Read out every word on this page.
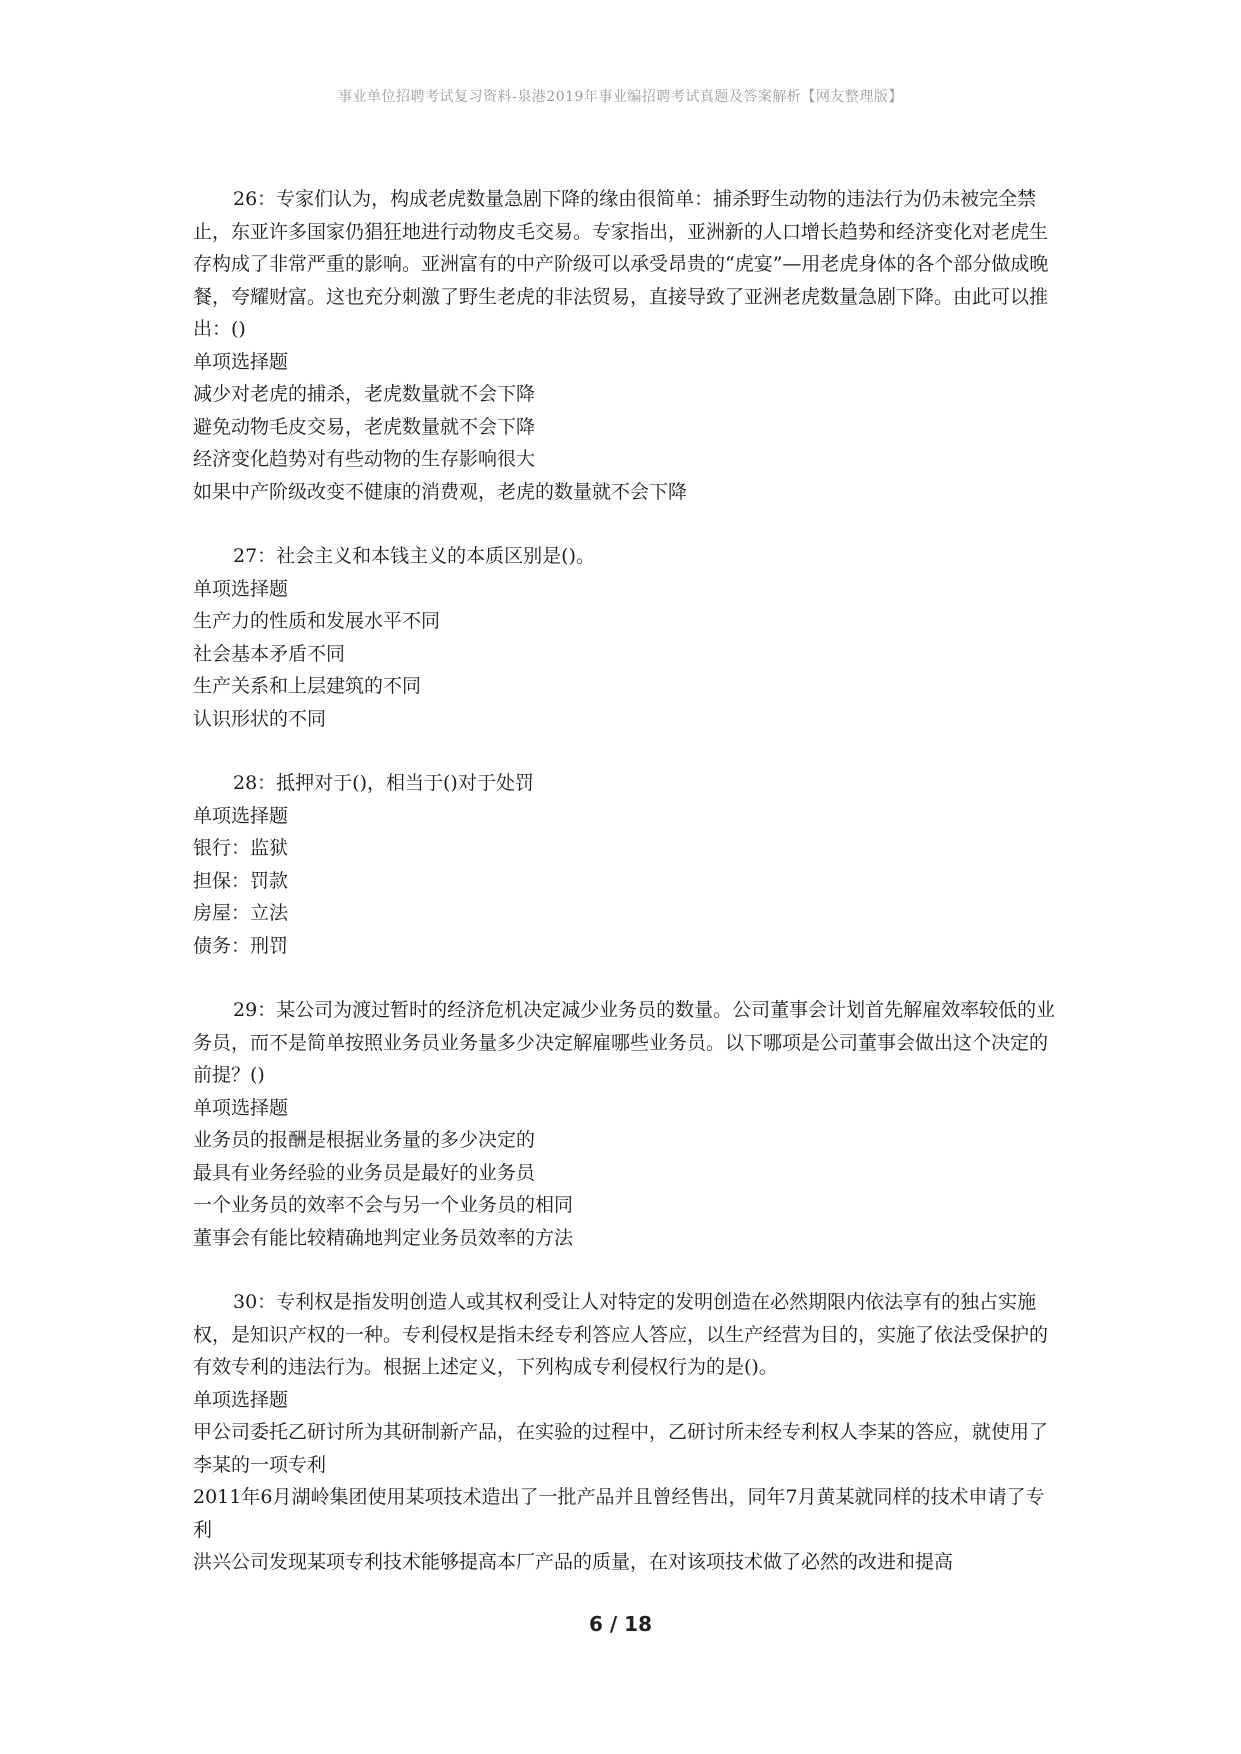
事业单位招聘考试复习资料-泉港2019年事业编招聘考试真题及答案解析【网友整理版】

26：专家们认为，构成老虎数量急剧下降的缘由很简单：捕杀野生动物的违法行为仍未被完全禁止，东亚许多国家仍猖狂地进行动物皮毛交易。专家指出，亚洲新的人口增长趋势和经济变化对老虎生存构成了非常严重的影响。亚洲富有的中产阶级可以承受昂贵的“虎宴”—用老虎身体的各个部分做成晚餐，夸耀财富。这也充分刺激了野生老虎的非法贸易，直接导致了亚洲老虎数量急剧下降。由此可以推出：()

单项选择题

减少对老虎的捕杀，老虎数量就不会下降

避免动物毛皮交易，老虎数量就不会下降

经济变化趋势对有些动物的生存影响很大

如果中产阶级改变不健康的消费观，老虎的数量就不会下降

27：社会主义和本钱主义的本质区别是()。

单项选择题

生产力的性质和发展水平不同

社会基本矛盾不同

生产关系和上层建筑的不同

认识形状的不同

28：抵押对于()，相当于()对于处罚

单项选择题

银行：监狱

担保：罚款

房屋：立法

债务：刑罚

29：某公司为渡过暂时的经济危机决定减少业务员的数量。公司董事会计划首先解雇效率较低的业务员，而不是简单按照业务员业务量多少决定解雇哪些业务员。以下哪项是公司董事会做出这个决定的前提？()

单项选择题

业务员的报酬是根据业务量的多少决定的

最具有业务经验的业务员是最好的业务员

一个业务员的效率不会与另一个业务员的相同

董事会有能比较精确地判定业务员效率的方法

30：专利权是指发明创造人或其权利受让人对特定的发明创造在必然期限内依法享有的独占实施权，是知识产权的一种。专利侵权是指未经专利答应人答应，以生产经营为目的，实施了依法受保护的有效专利的违法行为。根据上述定义，下列构成专利侵权行为的是()。

单项选择题

甲公司委托乙研讨所为其研制新产品，在实验的过程中，乙研讨所未经专利权人李某的答应，就使用了李某的一项专利

2011年6月湖岭集团使用某项技术造出了一批产品并且曾经售出，同年7月黄某就同样的技术申请了专利

洪兴公司发现某项专利技术能够提高本厂产品的质量，在对该项技术做了必然的改进和提高

6 / 18
